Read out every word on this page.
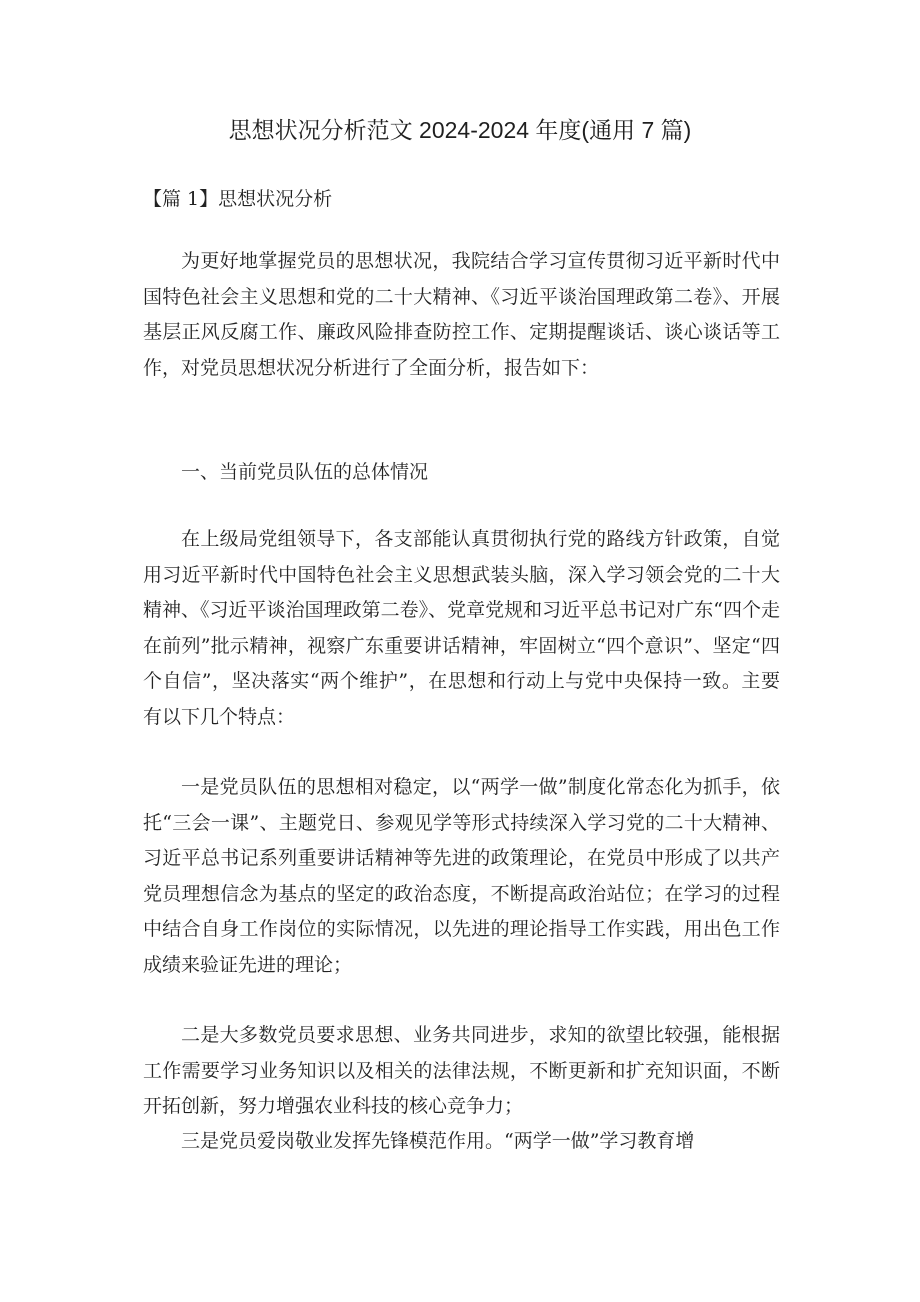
思想状况分析范文 2024-2024 年度(通用 7 篇)
【篇 1】思想状况分析

为更好地掌握党员的思想状况，我院结合学习宣传贯彻习近平新时代中国特色社会主义思想和党的二十大精神、《习近平谈治国理政第二卷》、开展基层正风反腐工作、廉政风险排查防控工作、定期提醒谈话、谈心谈话等工作，对党员思想状况分析进行了全面分析，报告如下：

一、当前党员队伍的总体情况

在上级局党组领导下，各支部能认真贯彻执行党的路线方针政策，自觉用习近平新时代中国特色社会主义思想武装头脑，深入学习领会党的二十大精神、《习近平谈治国理政第二卷》、党章党规和习近平总书记对广东“四个走在前列”批示精神，视察广东重要讲话精神，牢固树立“四个意识”、坚定“四个自信”，坚决落实“两个维护”，在思想和行动上与党中央保持一致。主要有以下几个特点：

一是党员队伍的思想相对稳定，以“两学一做”制度化常态化为抓手，依托“三会一课”、主题党日、参观见学等形式持续深入学习党的二十大精神、习近平总书记系列重要讲话精神等先进的政策理论，在党员中形成了以共产党员理想信念为基点的坚定的政治态度，不断提高政治站位；在学习的过程中结合自身工作岗位的实际情况，以先进的理论指导工作实践，用出色工作成绩来验证先进的理论；

二是大多数党员要求思想、业务共同进步，求知的欲望比较强，能根据工作需要学习业务知识以及相关的法律法规，不断更新和扩充知识面，不断开拓创新，努力增强农业科技的核心竞争力；

三是党员爱岗敬业发挥先锋模范作用。“两学一做”学习教育增
